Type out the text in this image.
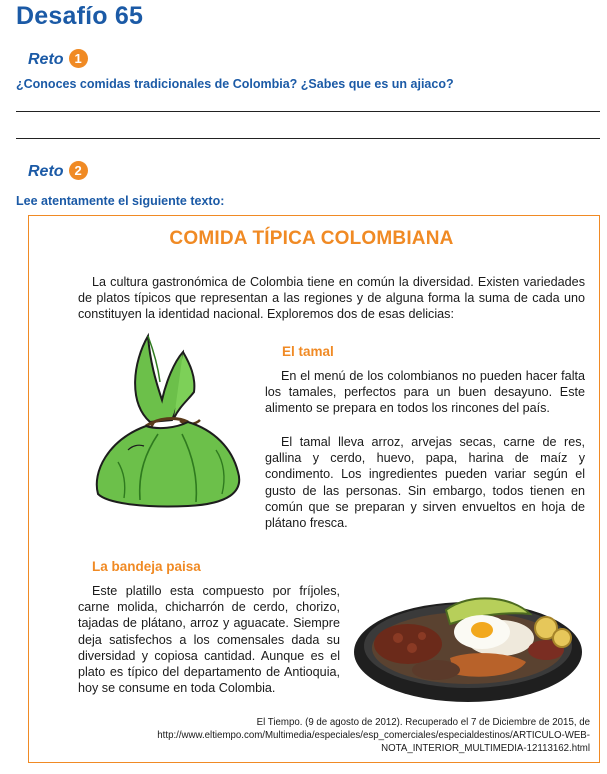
Desafío 65
Reto 1
¿Conoces comidas tradicionales de Colombia? ¿Sabes que es un ajiaco?
Reto 2
Lee atentamente el siguiente texto:
COMIDA TÍPICA COLOMBIANA

La cultura gastronómica de Colombia tiene en común la diversidad. Existen variedades de platos típicos que representan a las regiones y de alguna forma la suma de cada uno constituyen la identidad nacional. Exploremos dos de esas delicias:

El tamal

En el menú de los colombianos no pueden hacer falta los tamales, perfectos para un buen desayuno. Este alimento se prepara en todos los rincones del país.

El tamal lleva arroz, arvejas secas, carne de res, gallina y cerdo, huevo, papa, harina de maíz y condimento. Los ingredientes pueden variar según el gusto de las personas. Sin embargo, todos tienen en común que se preparan y sirven envueltos en hoja de plátano fresca.

La bandeja paisa

Este platillo esta compuesto por fríjoles, carne molida, chicharrón de cerdo, chorizo, tajadas de plátano, arroz y aguacate. Siempre deja satisfechos a los comensales dada su diversidad y copiosa cantidad. Aunque es el plato es típico del departamento de Antioquia, hoy se consume en toda Colombia.

El Tiempo. (9 de agosto de 2012). Recuperado el 7 de Diciembre de 2015, de http://www.eltiempo.com/Multimedia/especiales/esp_comerciales/especialdestinos/ARTICULO-WEB-NOTA_INTERIOR_MULTIMEDIA-12113162.html
